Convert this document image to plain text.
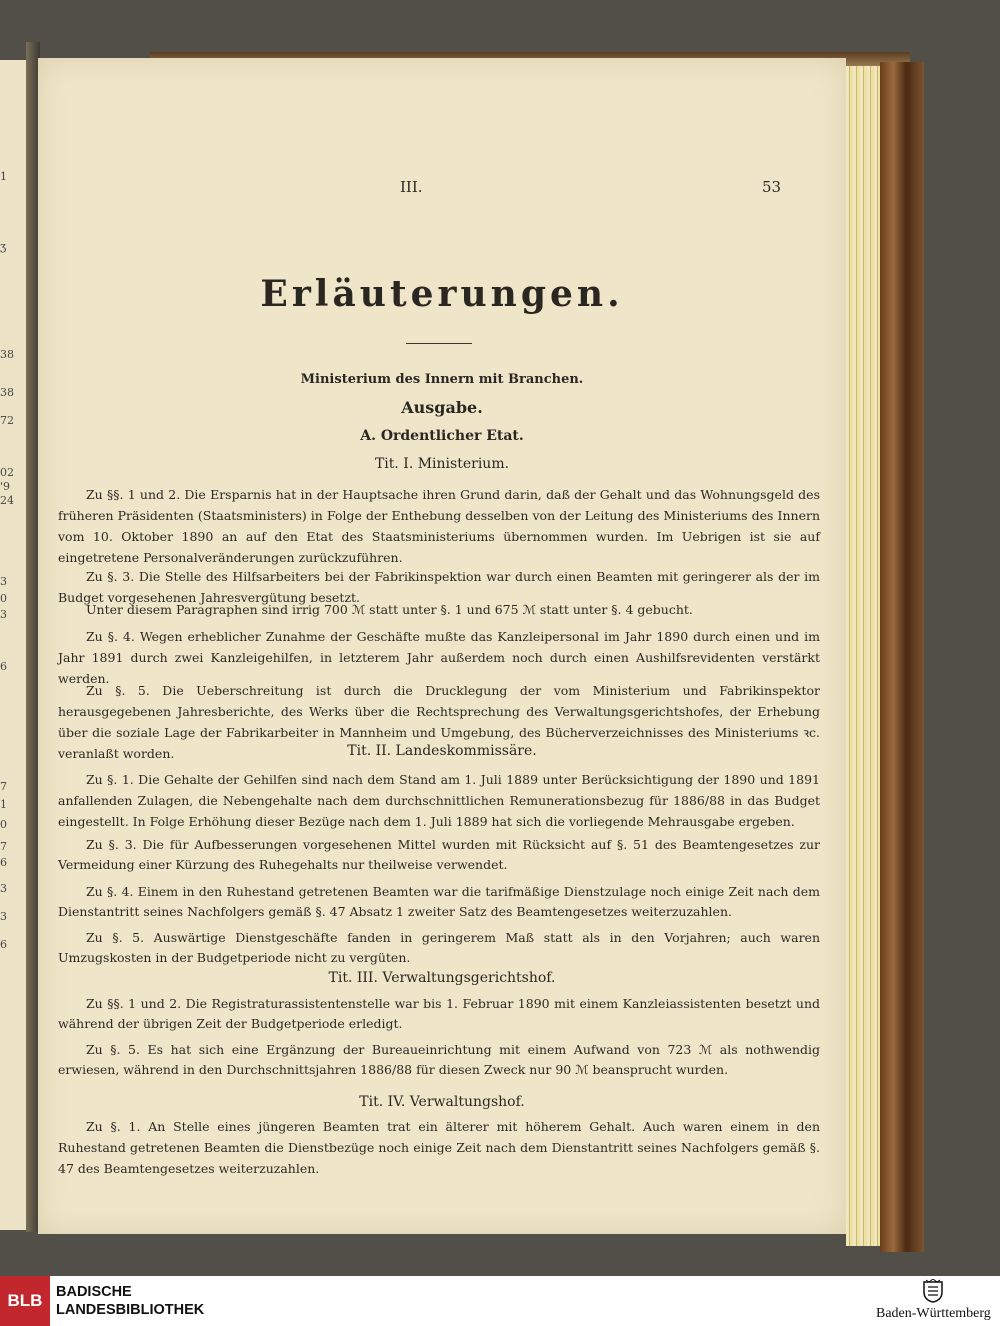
1
ʒ
38
38
72
02
'9
24
3
0
3
6
7
1
0
7
6
3
3
6
III.	53
Erläuterungen.
Ministerium des Innern mit Branchen.
Ausgabe.
A. Ordentlicher Etat.
Tit. I. Ministerium.

Zu §§. 1 und 2. Die Ersparnis hat in der Hauptsache ihren Grund darin, daß der Gehalt und das Wohnungsgeld des früheren Präsidenten (Staatsministers) in Folge der Enthebung desselben von der Leitung des Ministeriums des Innern vom 10. Oktober 1890 an auf den Etat des Staatsministeriums übernommen wurden. Im Uebrigen ist sie auf eingetretene Personalveränderungen zurückzuführen.

Zu §. 3. Die Stelle des Hilfsarbeiters bei der Fabrikinspektion war durch einen Beamten mit geringerer als der im Budget vorgesehenen Jahresvergütung besetzt.

Unter diesem Paragraphen sind irrig 700 ℳ statt unter §. 1 und 675 ℳ statt unter §. 4 gebucht.

Zu §. 4. Wegen erheblicher Zunahme der Geschäfte mußte das Kanzleipersonal im Jahr 1890 durch einen und im Jahr 1891 durch zwei Kanzleigehilfen, in letzterem Jahr außerdem noch durch einen Aushilfsrevidenten verstärkt werden.

Zu §. 5. Die Ueberschreitung ist durch die Drucklegung der vom Ministerium und Fabrikinspektor herausgegebenen Jahresberichte, des Werks über die Rechtsprechung des Verwaltungsgerichtshofes, der Erhebung über die soziale Lage der Fabrikarbeiter in Mannheim und Umgebung, des Bücherverzeichnisses des Ministeriums ꝛc. veranlaßt worden.	Tit. II. Landeskommissäre.

Zu §. 1. Die Gehalte der Gehilfen sind nach dem Stand am 1. Juli 1889 unter Berücksichtigung der 1890 und 1891 anfallenden Zulagen, die Nebengehalte nach dem durchschnittlichen Remunerationsbezug für 1886/88 in das Budget eingestellt. In Folge Erhöhung dieser Bezüge nach dem 1. Juli 1889 hat sich die vorliegende Mehrausgabe ergeben.

Zu §. 3. Die für Aufbesserungen vorgesehenen Mittel wurden mit Rücksicht auf §. 51 des Beamtengesetzes zur Vermeidung einer Kürzung des Ruhegehalts nur theilweise verwendet.

Zu §. 4. Einem in den Ruhestand getretenen Beamten war die tarifmäßige Dienstzulage noch einige Zeit nach dem Dienstantritt seines Nachfolgers gemäß §. 47 Absatz 1 zweiter Satz des Beamtengesetzes weiterzuzahlen.

Zu §. 5. Auswärtige Dienstgeschäfte fanden in geringerem Maß statt als in den Vorjahren; auch waren Umzugskosten in der Budgetperiode nicht zu vergüten.

Tit. III. Verwaltungsgerichtshof.

Zu §§. 1 und 2. Die Registraturassistentenstelle war bis 1. Februar 1890 mit einem Kanzleiassistenten besetzt und während der übrigen Zeit der Budgetperiode erledigt.

Zu §. 5. Es hat sich eine Ergänzung der Bureaueinrichtung mit einem Aufwand von 723 ℳ als nothwendig erwiesen, während in den Durchschnittsjahren 1886/88 für diesen Zweck nur 90 ℳ beansprucht wurden.

Tit. IV. Verwaltungshof.

Zu §. 1. An Stelle eines jüngeren Beamten trat ein älterer mit höherem Gehalt. Auch waren einem in den Ruhestand getretenen Beamten die Dienstbezüge noch einige Zeit nach dem Dienstantritt seines Nachfolgers gemäß §. 47 des Beamtengesetzes weiterzuzahlen.

BLB BADISCHE
LANDESBIBLIOTHEK	Baden-Württemberg
